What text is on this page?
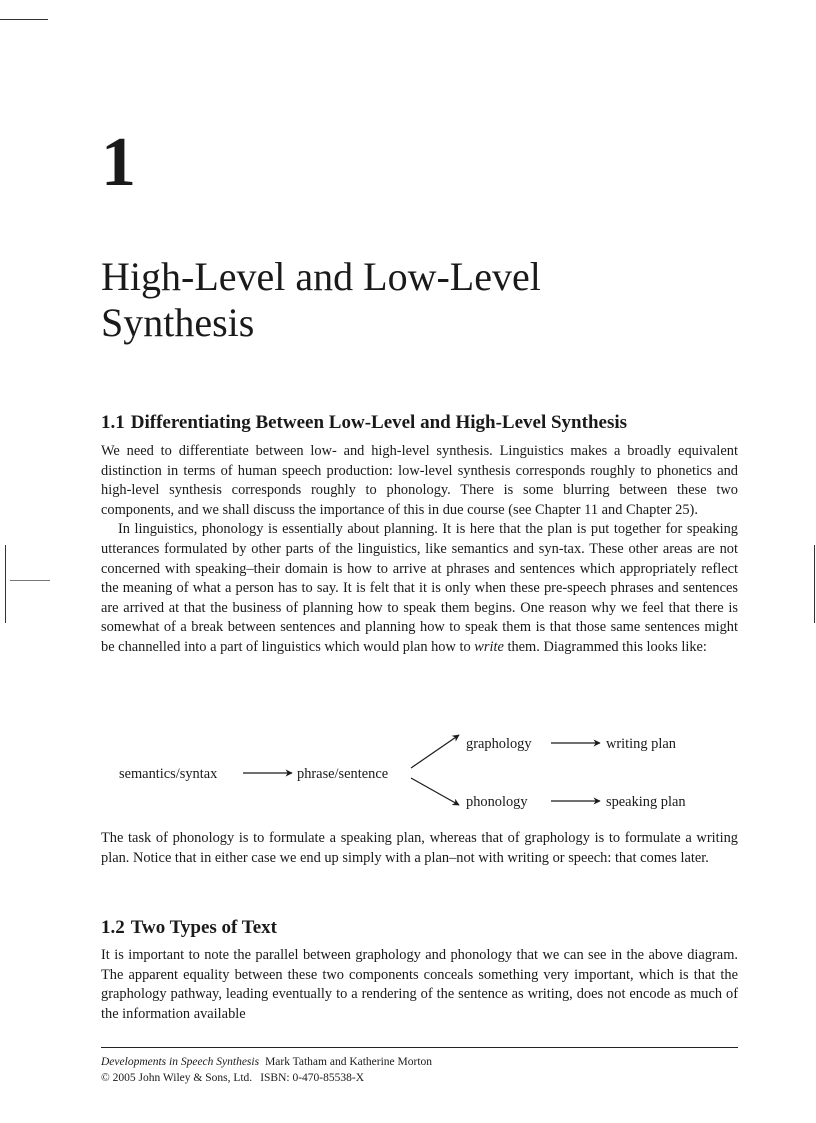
1
High-Level and Low-Level
Synthesis
1.1 Differentiating Between Low-Level and High-Level Synthesis

We need to differentiate between low- and high-level synthesis. Linguistics makes a broadly equivalent distinction in terms of human speech production: low-level synthesis corresponds roughly to phonetics and high-level synthesis corresponds roughly to phonology. There is some blurring between these two components, and we shall discuss the importance of this in due course (see Chapter 11 and Chapter 25).

In linguistics, phonology is essentially about planning. It is here that the plan is put together for speaking utterances formulated by other parts of the linguistics, like semantics and syn-tax. These other areas are not concerned with speaking–their domain is how to arrive at phrases and sentences which appropriately reflect the meaning of what a person has to say. It is felt that it is only when these pre-speech phrases and sentences are arrived at that the business of planning how to speak them begins. One reason why we feel that there is somewhat of a break between sentences and planning how to speak them is that those same sentences might be channelled into a part of linguistics which would plan how to write them. Diagrammed this looks like:

semantics/syntax	phrase/sentence
graphology	writing plan
phonology	speaking plan

The task of phonology is to formulate a speaking plan, whereas that of graphology is to formulate a writing plan. Notice that in either case we end up simply with a plan–not with writing or speech: that comes later.

1.2 Two Types of Text

It is important to note the parallel between graphology and phonology that we can see in the above diagram. The apparent equality between these two components conceals something very important, which is that the graphology pathway, leading eventually to a rendering of the sentence as writing, does not encode as much of the information available

Developments in Speech Synthesis Mark Tatham and Katherine Morton
© 2005 John Wiley & Sons, Ltd. ISBN: 0-470-85538-X
